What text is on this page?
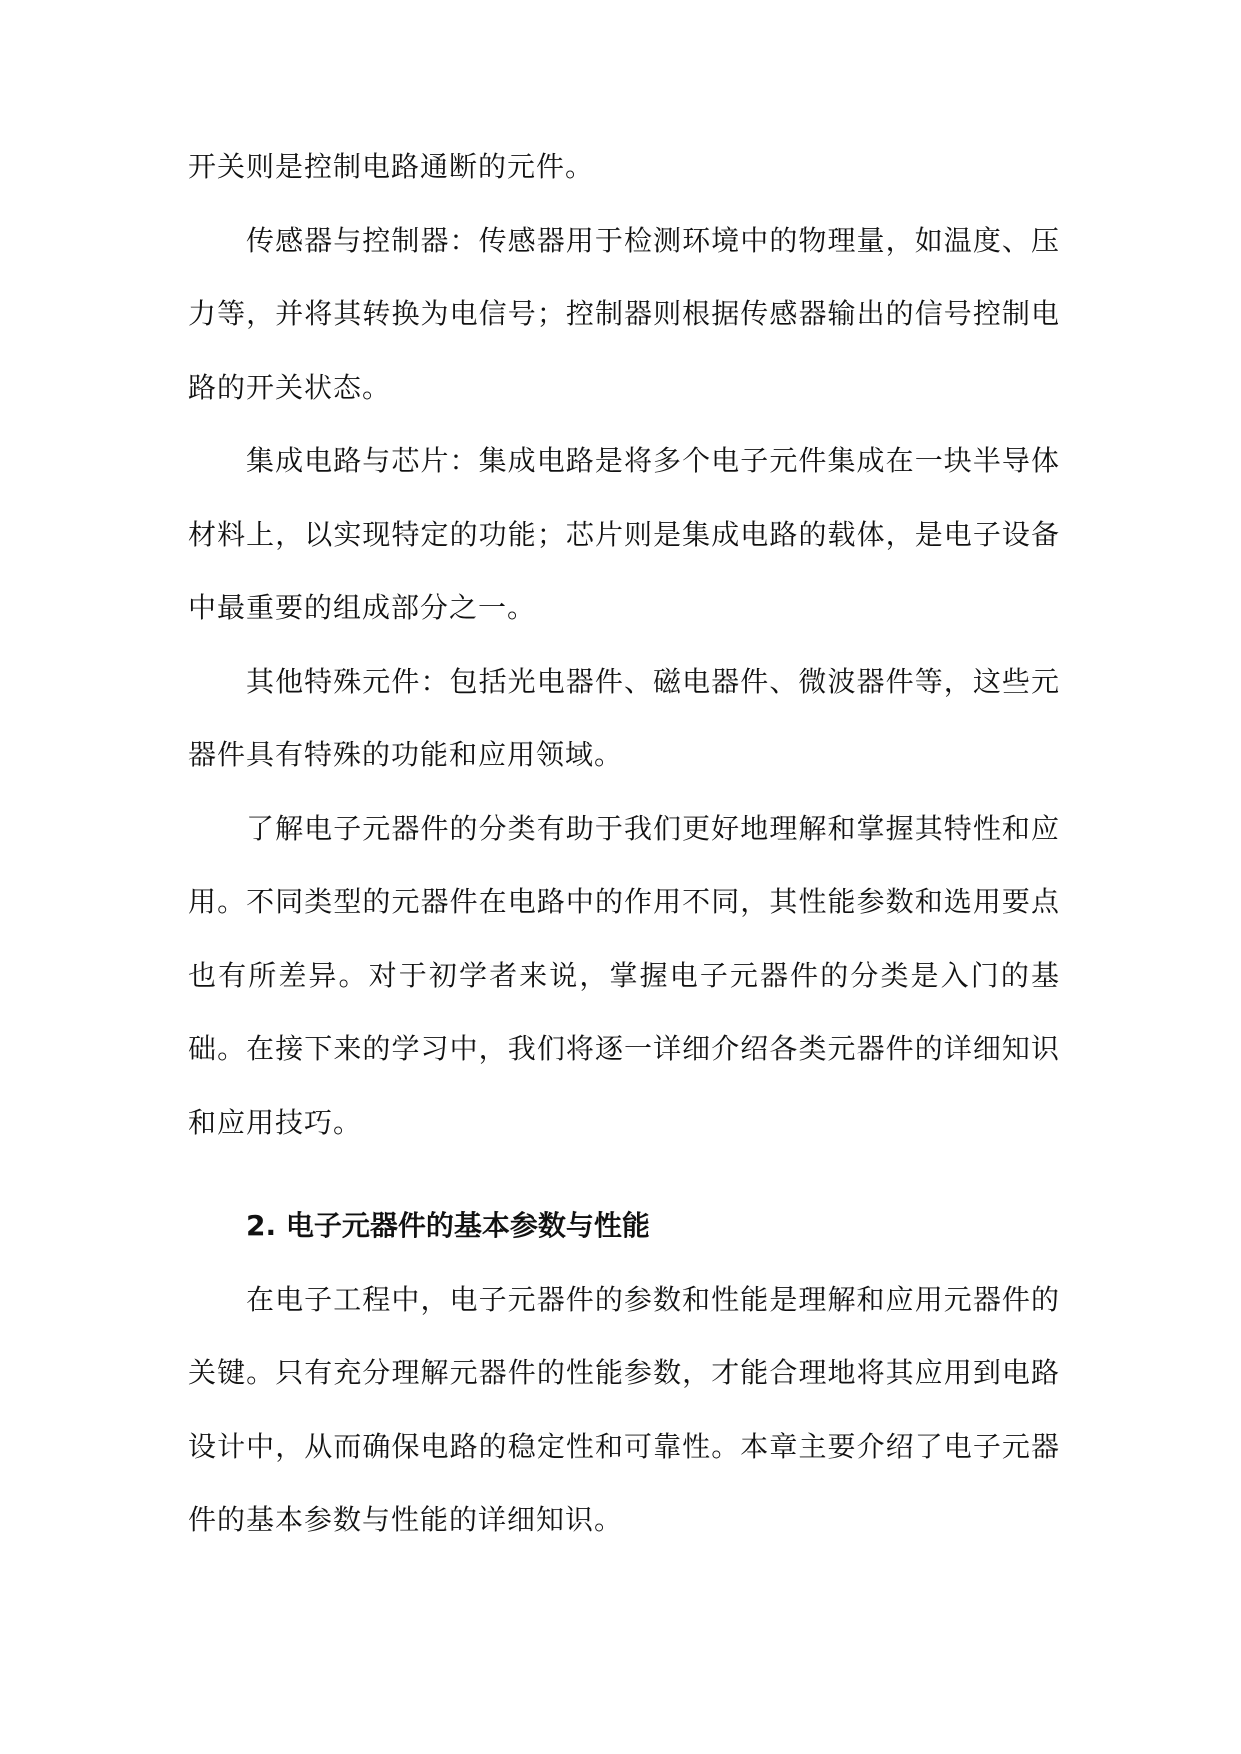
开关则是控制电路通断的元件。

传感器与控制器：传感器用于检测环境中的物理量，如温度、压力等，并将其转换为电信号；控制器则根据传感器输出的信号控制电路的开关状态。

集成电路与芯片：集成电路是将多个电子元件集成在一块半导体材料上，以实现特定的功能；芯片则是集成电路的载体，是电子设备中最重要的组成部分之一。

其他特殊元件：包括光电器件、磁电器件、微波器件等，这些元器件具有特殊的功能和应用领域。

了解电子元器件的分类有助于我们更好地理解和掌握其特性和应用。不同类型的元器件在电路中的作用不同，其性能参数和选用要点也有所差异。对于初学者来说，掌握电子元器件的分类是入门的基础。在接下来的学习中，我们将逐一详细介绍各类元器件的详细知识和应用技巧。

2. 电子元器件的基本参数与性能

在电子工程中，电子元器件的参数和性能是理解和应用元器件的关键。只有充分理解元器件的性能参数，才能合理地将其应用到电路设计中，从而确保电路的稳定性和可靠性。本章主要介绍了电子元器件的基本参数与性能的详细知识。
